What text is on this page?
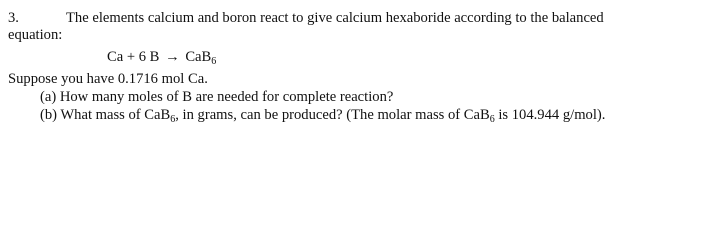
3.	The elements calcium and boron react to give calcium hexaboride according to the balanced
equation:
Ca + 6 B → CaB$_6$
Suppose you have 0.1716 mol Ca.
(a) How many moles of B are needed for complete reaction?
(b) What mass of CaB$_6$, in grams, can be produced? (The molar mass of CaB$_6$ is 104.944 g/mol).
